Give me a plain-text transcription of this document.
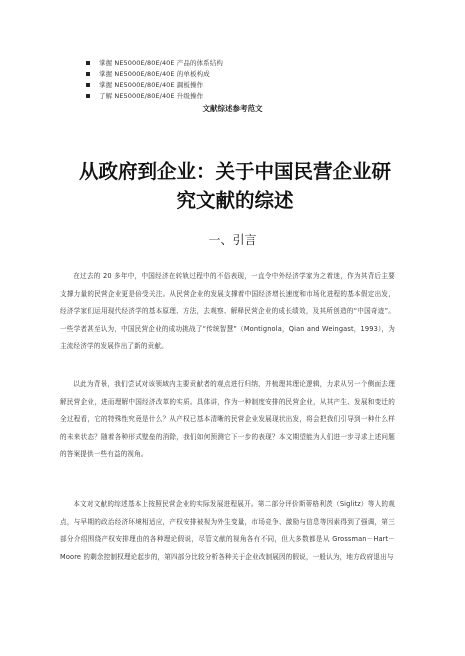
掌握 NE5000E/80E/40E 产品的体系结构
掌握 NE5000E/80E/40E 的单板构成
掌握 NE5000E/80E/40E 調板操作
了解 NE5000E/80E/40E 升级操作
文献综述参考范文
从政府到企业：关于中国民营企业研究文献的综述
一、引言

在过去的 20 多年中，中国经济在转轨过程中的不俗表现，一直令中外经济学家为之着迷，作为其背后主要支撑力量的民营企业更是倍受关注。从民营企业的发展支撑着中国经济增长速度和市场化进程的基本假定出发，经济学家们运用现代经济学的基本原理、方法，去观察、解释民营企业的成长绩效，及其所创造的“中国奇迹”。一些学者甚至认为，中国民营企业的成功挑战了“传统智慧”（Montignola，Qian and Weingast，1993），为主流经济学的发展作出了新的贡献。

以此为背景，我们尝试对该领域内主要贡献者的观点进行归纳，并梳理其理论逻辑，力求从另一个侧面去理解民营企业，进而理解中国经济改革的实质。具体讲，作为一种制度安排的民营企业，从其产生、发展和变迁的全过程看，它的特殊性究竟是什么？从产权已基本清晰的民营企业发展现状出发，将会把我们引导到一种什么样的未来状态？随着各种形式壁垒的消除，我们如何预测它下一步的表现？本文期望能为人们进一步寻求上述问题的答案提供一些有益的视角。

本文对文献的综述基本上按照民营企业的实际发展进程展开。第二部分评价斯蒂格利茨（Siglitz）等人的观点，与早期的政治经济环境相适应，产权安排被视为外生变量，市场竞争、激励与信息等因素得到了强调，第三部分介绍围绕产权安排理由的各种理论假说，尽管文献的视角各有不同，但大多数都是从 Grossman－Hart－Moore 的剩余控制权理论起步的，第四部分比较分析各种关于企业改制展因的假说，一般认为，地方政府退出与
